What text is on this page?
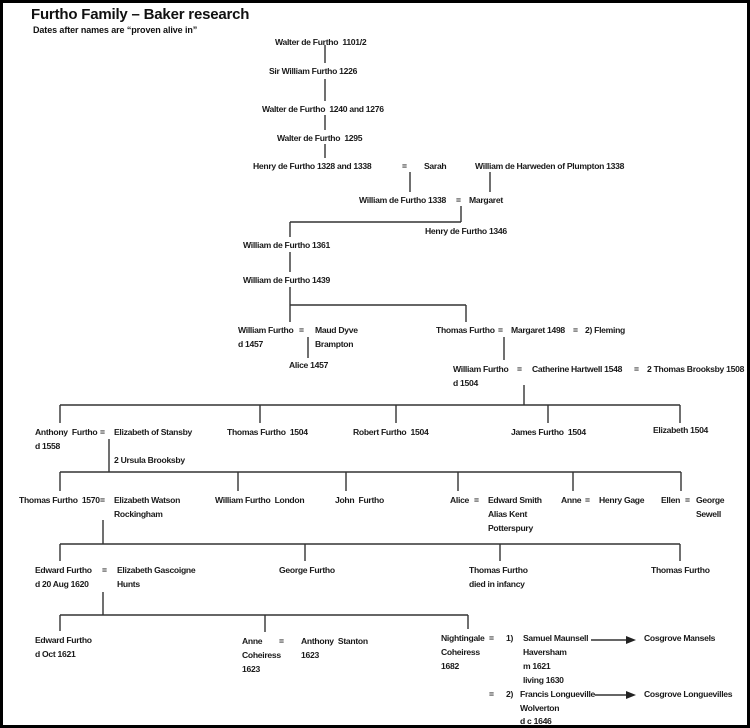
Furtho Family – Baker research
Dates after names are “proven alive in”
Walter de Furtho  1101/2
Sir William Furtho 1226
Walter de Furtho  1240 and 1276
Walter de Furtho  1295
Henry de Furtho 1328 and 1338	= Sarah	William de Harweden of Plumpton 1338
William de Furtho 1338 = Margaret
Henry de Furtho 1346
William de Furtho 1361
William de Furtho 1439
William Furtho
d 1457
= Maud Dyve
Brampton
Alice 1457
Thomas Furtho = Margaret 1498 = 2) Fleming
William Furtho
d 1504
= Catherine Hartwell 1548 = 2 Thomas Brooksby 1508
Anthony  Furtho
d 1558
= Elizabeth of Stansby
2 Ursula Brooksby
Thomas Furtho  1504	Robert Furtho  1504	James Furtho  1504	Elizabeth 1504
Thomas Furtho  1570 = Elizabeth Watson
Rockingham
William Furtho  London	John  Furtho	Alice = Edward Smith
Alias Kent
Potterspury
Anne = Henry Gage Ellen = George
Sewell
Edward Furtho
d 20 Aug 1620
= Elizabeth Gascoigne
Hunts
George Furtho	Thomas Furtho
died in infancy
Thomas Furtho
Edward Furtho
d Oct 1621
Anne
Coheiress
1623
= Anthony  Stanton
1623
Nightingale
Coheiress
1682
= 1) Samuel Maunsell
Haversham
m 1621
living 1630
Cosgrove Mansels
= 2) Francis Longueville
Wolverton
d c 1646
Cosgrove Longuevilles
